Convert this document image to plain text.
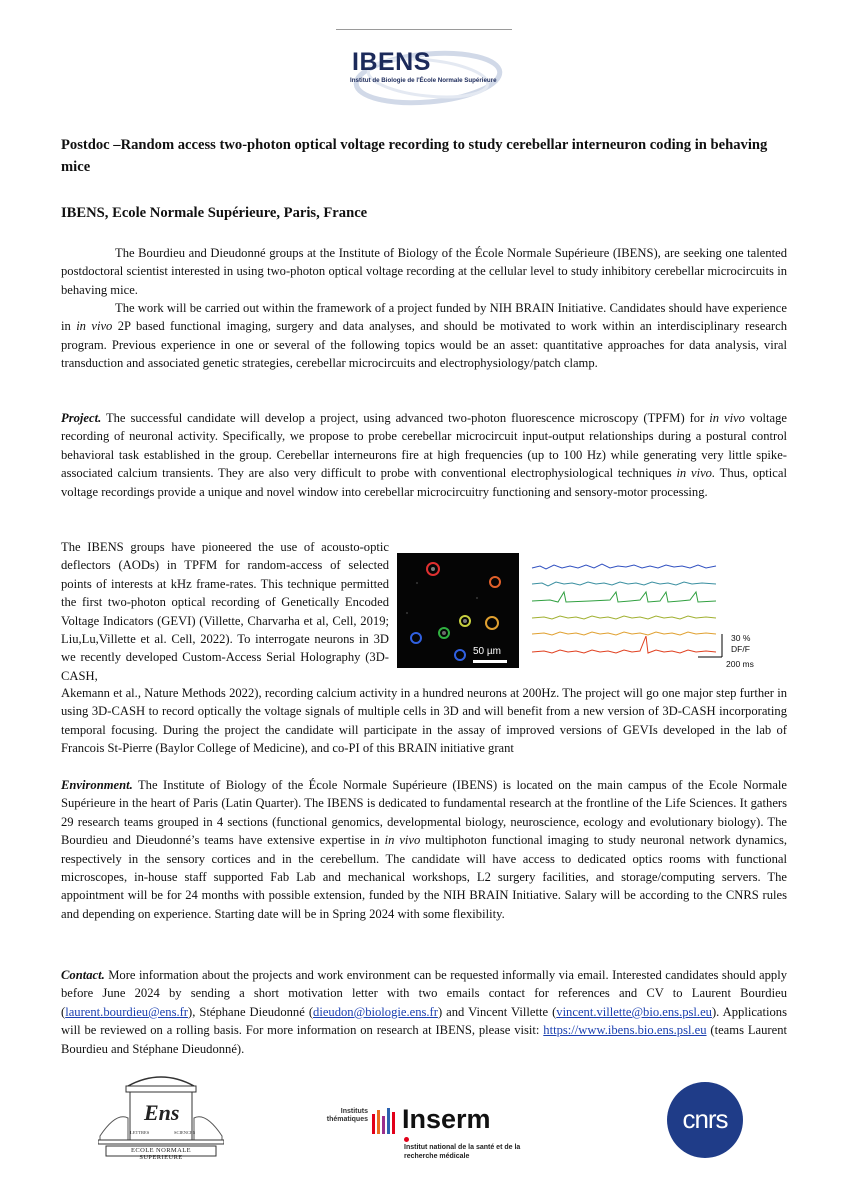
IBENS
Institut de Biologie de l'École Normale Supérieure

Postdoc –Random access two-photon optical voltage recording to study cerebellar interneuron coding in behaving mice

IBENS, Ecole Normale Supérieure, Paris, France

The Bourdieu and Dieudonné groups at the Institute of Biology of the École Normale Supérieure (IBENS), are seeking one talented postdoctoral scientist interested in using two-photon optical voltage recording at the cellular level to study inhibitory cerebellar microcircuits in behaving mice.

The work will be carried out within the framework of a project funded by NIH BRAIN Initiative. Candidates should have experience in in vivo 2P based functional imaging, surgery and data analyses, and should be motivated to work within an interdisciplinary research program. Previous experience in one or several of the following topics would be an asset: quantitative approaches for data analysis, viral transduction and associated genetic strategies, cerebellar microcircuits and electrophysiology/patch clamp.

Project. The successful candidate will develop a project, using advanced two-photon fluorescence microscopy (TPFM) for in vivo voltage recording of neuronal activity. Specifically, we propose to probe cerebellar microcircuit input-output relationships during a postural control behavioral task established in the group. Cerebellar interneurons fire at high frequencies (up to 100 Hz) while generating very little spike-associated calcium transients. They are also very difficult to probe with conventional electrophysiological techniques in vivo. Thus, optical voltage recordings provide a unique and novel window into cerebellar microcircuitry functioning and sensory-motor processing.

The IBENS groups have pioneered the use of acousto-optic deflectors (AODs) in TPFM for random-access of selected points of interests at kHz frame-rates. This technique permitted the first two-photon optical recording of Genetically Encoded Voltage Indicators (GEVI) (Villette, Charvarha et al, Cell, 2019; Liu,Lu,Villette et al. Cell, 2022). To interrogate neurons in 3D we recently developed Custom-Access Serial Holography (3D-CASH,

50 µm
30 %
DF/F
200 ms

Akemann et al., Nature Methods 2022), recording calcium activity in a hundred neurons at 200Hz. The project will go one major step further in using 3D-CASH to record optically the voltage signals of multiple cells in 3D and will benefit from a new version of 3D-CASH incorporating temporal focusing. During the project the candidate will participate in the assay of improved versions of GEVIs developed in the lab of Francois St-Pierre (Baylor College of Medicine), and co-PI of this BRAIN initiative grant

Environment. The Institute of Biology of the École Normale Supérieure (IBENS) is located on the main campus of the Ecole Normale Supérieure in the heart of Paris (Latin Quarter). The IBENS is dedicated to fundamental research at the frontline of the Life Sciences. It gathers 29 research teams grouped in 4 sections (functional genomics, developmental biology, neuroscience, ecology and evolutionary biology). The Bourdieu and Dieudonné’s teams have extensive expertise in in vivo multiphoton functional imaging to study neuronal network dynamics, respectively in the sensory cortices and in the cerebellum. The candidate will have access to dedicated optics rooms with functional microscopes, in-house staff supported Fab Lab and mechanical workshops, L2 surgery facilities, and storage/computing servers. The appointment will be for 24 months with possible extension, funded by the NIH BRAIN Initiative. Salary will be according to the CNRS rules and depending on experience. Starting date will be in Spring 2024 with some flexibility.

Contact. More information about the projects and work environment can be requested informally via email. Interested candidates should apply before June 2024 by sending a short motivation letter with two emails contact for references and CV to Laurent Bourdieu (laurent.bourdieu@ens.fr), Stéphane Dieudonné (dieudon@biologie.ens.fr) and Vincent Villette (vincent.villette@bio.ens.psl.eu). Applications will be reviewed on a rolling basis. For more information on research at IBENS, please visit: https://www.ibens.bio.ens.psl.eu (teams Laurent Bourdieu and Stéphane Dieudonné).

Ens
LETTRES	SCIENCES
ECOLE NORMALE SUPERIEURE
Instituts thématiques Inserm
Institut national de la santé et de la recherche médicale
cnrs
